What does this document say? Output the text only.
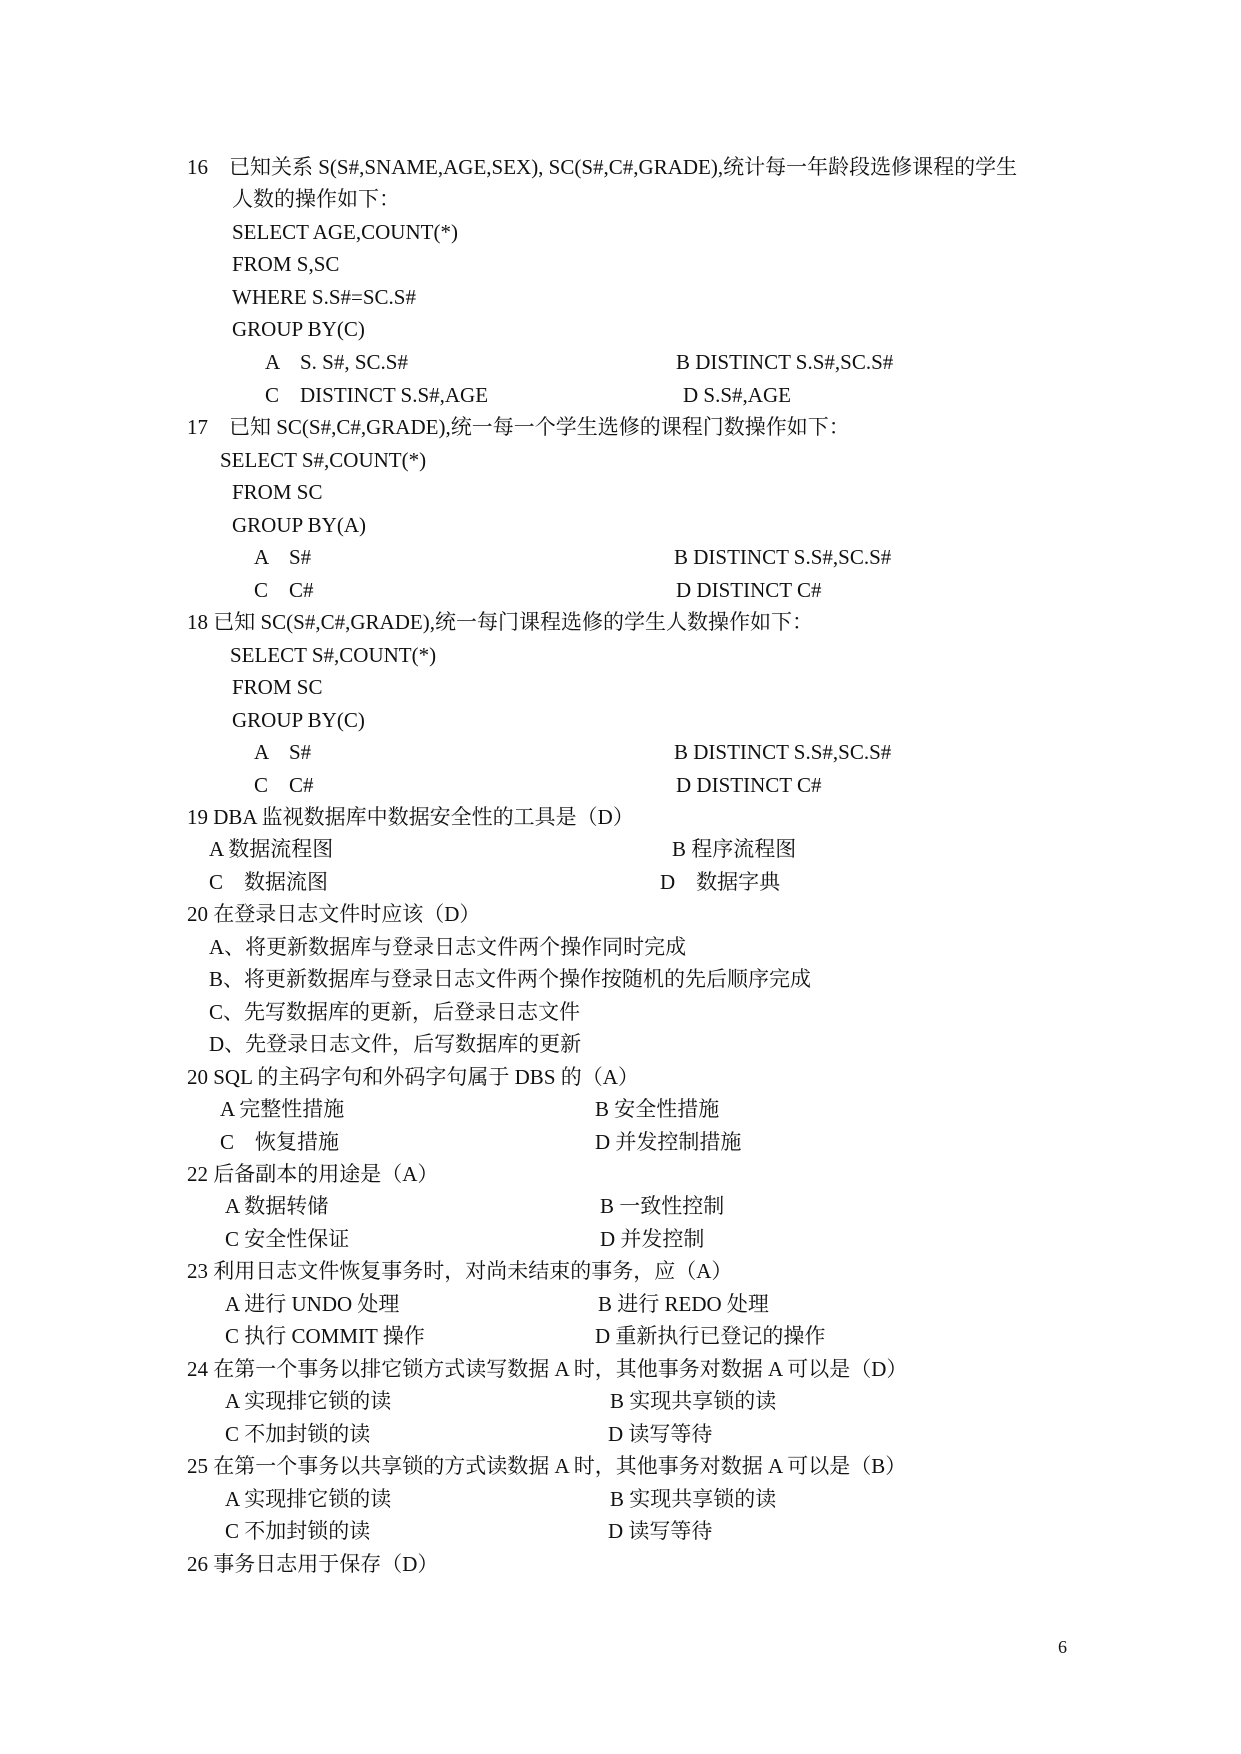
16　已知关系 S(S#,SNAME,AGE,SEX), SC(S#,C#,GRADE),统计每一年龄段选修课程的学生
人数的操作如下：
SELECT AGE,COUNT(*)
FROM S,SC
WHERE S.S#=SC.S#
GROUP BY(C)
A　S. S#, SC.S#	B DISTINCT S.S#,SC.S#
C　DISTINCT S.S#,AGE	D S.S#,AGE
17　已知 SC(S#,C#,GRADE),统一每一个学生选修的课程门数操作如下：
SELECT S#,COUNT(*)
FROM SC
GROUP BY(A)
A　S#	B DISTINCT S.S#,SC.S#
C　C#	D DISTINCT C#
18 已知 SC(S#,C#,GRADE),统一每门课程选修的学生人数操作如下：
SELECT S#,COUNT(*)
FROM SC
GROUP BY(C)
A　S#	B DISTINCT S.S#,SC.S#
C　C#	D DISTINCT C#
19 DBA 监视数据库中数据安全性的工具是（D）
A 数据流程图	B 程序流程图
C　数据流图	D　数据字典
20 在登录日志文件时应该（D）
A、将更新数据库与登录日志文件两个操作同时完成
B、将更新数据库与登录日志文件两个操作按随机的先后顺序完成
C、先写数据库的更新，后登录日志文件
D、先登录日志文件，后写数据库的更新
20 SQL 的主码字句和外码字句属于 DBS 的（A）
A 完整性措施	B 安全性措施
C　恢复措施	D 并发控制措施
22 后备副本的用途是（A）
A 数据转储	B 一致性控制
C 安全性保证	D 并发控制
23 利用日志文件恢复事务时，对尚未结束的事务，应（A）
A 进行 UNDO 处理	B 进行 REDO 处理
C 执行 COMMIT 操作	D 重新执行已登记的操作
24 在第一个事务以排它锁方式读写数据 A 时，其他事务对数据 A 可以是（D）
A 实现排它锁的读	B 实现共享锁的读
C 不加封锁的读	D 读写等待
25 在第一个事务以共享锁的方式读数据 A 时，其他事务对数据 A 可以是（B）
A 实现排它锁的读	B 实现共享锁的读
C 不加封锁的读	D 读写等待
26 事务日志用于保存（D）
6
